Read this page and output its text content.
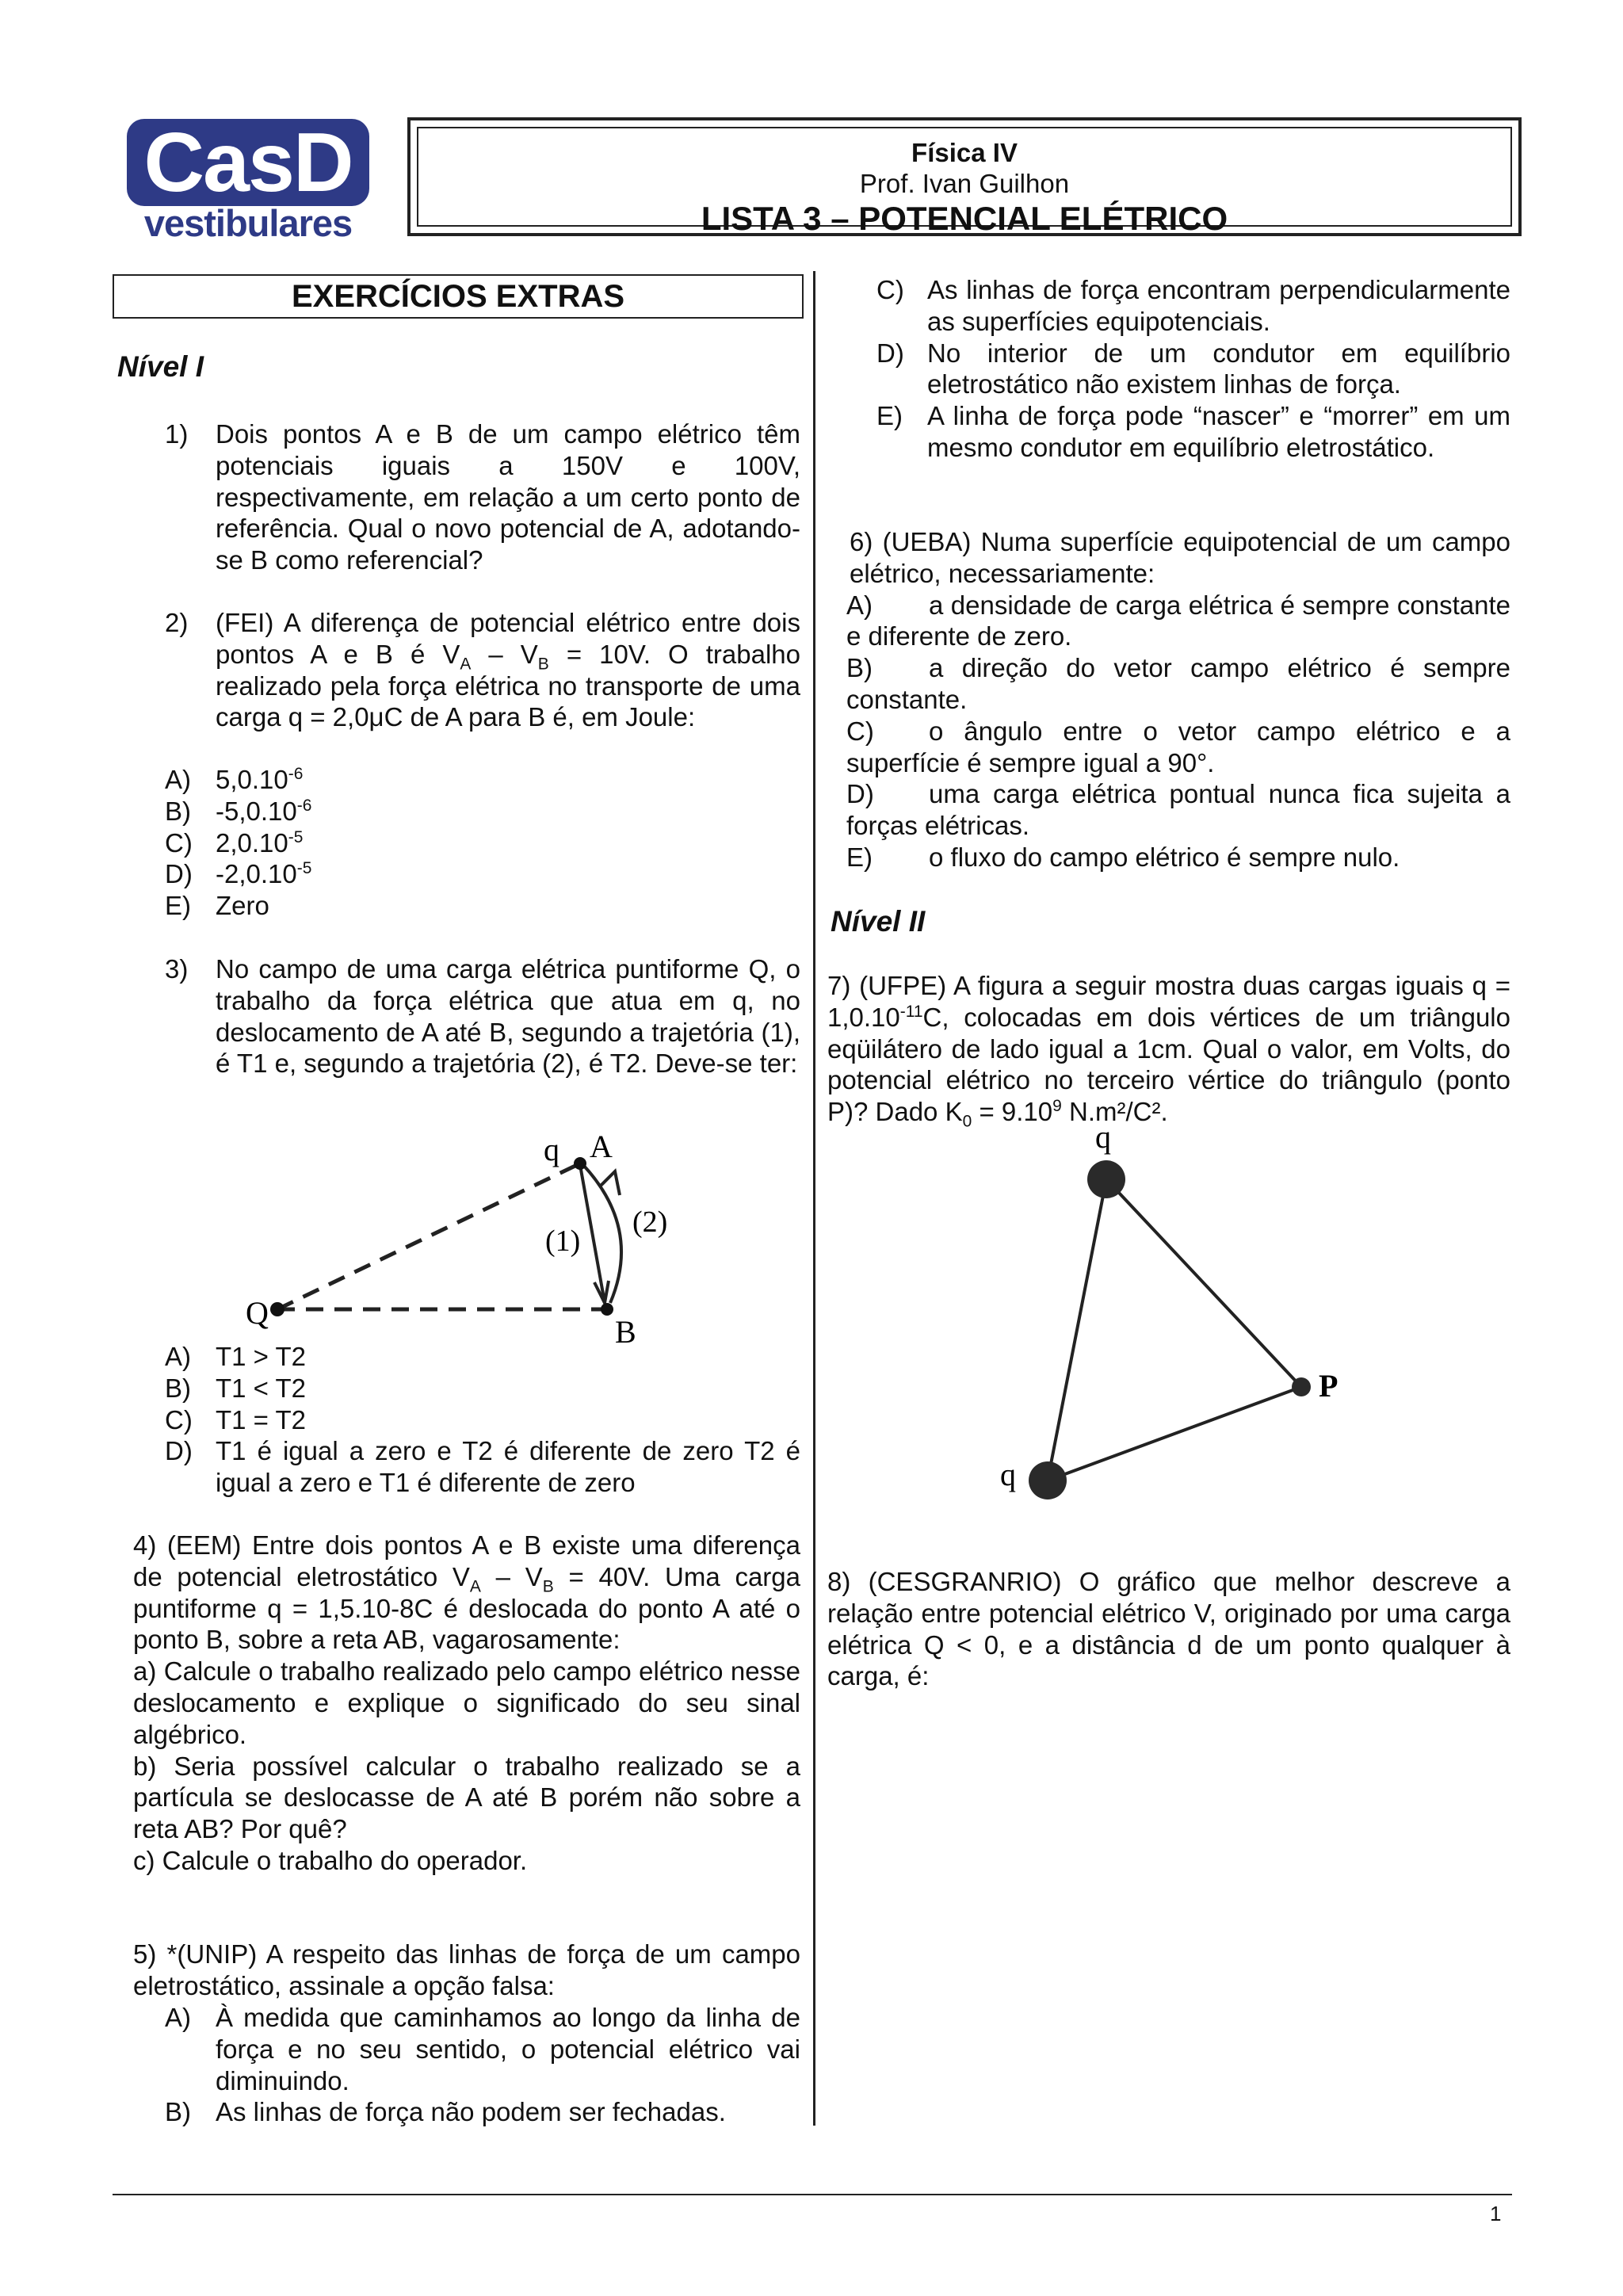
CasD
vestibulares
Física IV
Prof. Ivan Guilhon
LISTA 3 – POTENCIAL ELÉTRICO
EXERCÍCIOS EXTRAS
Nível I
1) Dois pontos A e B de um campo elétrico têm potenciais iguais a 150V e 100V, respectivamente, em relação a um certo ponto de referência. Qual o novo potencial de A, adotando-se B como referencial?
2) (FEI) A diferença de potencial elétrico entre dois pontos A e B é $V_A - V_B = 10V$. O trabalho realizado pela força elétrica no transporte de uma carga q = 2,0μC de A para B é, em Joule:
A) $5,0.10^{-6}$
B) $-5,0.10^{-6}$
C) $2,0.10^{-5}$
D) $-2,0.10^{-5}$
E) Zero
3) No campo de uma carga elétrica puntiforme Q, o trabalho da força elétrica que atua em q, no deslocamento de A até B, segundo a trajetória (1), é T1 e, segundo a trajetória (2), é T2. Deve-se ter:
Q
q A
B
(1)
(2)
A) T1 > T2
B) T1 < T2
C) T1 = T2
D) T1 é igual a zero e T2 é diferente de zero T2 é igual a zero e T1 é diferente de zero
4) (EEM) Entre dois pontos A e B existe uma diferença de potencial eletrostático $V_A - V_B = 40V$. Uma carga puntiforme q = 1,5.10-8C é deslocada do ponto A até o ponto B, sobre a reta AB, vagarosamente:
a) Calcule o trabalho realizado pelo campo elétrico nesse deslocamento e explique o significado do seu sinal algébrico.
b) Seria possível calcular o trabalho realizado se a partícula se deslocasse de A até B porém não sobre a reta AB? Por quê?
c) Calcule o trabalho do operador.
5) *(UNIP) A respeito das linhas de força de um campo eletrostático, assinale a opção falsa:
A) À medida que caminhamos ao longo da linha de força e no seu sentido, o potencial elétrico vai diminuindo.
B) As linhas de força não podem ser fechadas.
C) As linhas de força encontram perpendicularmente as superfícies equipotenciais.
D) No interior de um condutor em equilíbrio eletrostático não existem linhas de força.
E) A linha de força pode “nascer” e “morrer” em um mesmo condutor em equilíbrio eletrostático.
6) (UEBA) Numa superfície equipotencial de um campo elétrico, necessariamente:
A) a densidade de carga elétrica é sempre constante e diferente de zero.
B) a direção do vetor campo elétrico é sempre constante.
C) o ângulo entre o vetor campo elétrico e a superfície é sempre igual a 90°.
D) uma carga elétrica pontual nunca fica sujeita a forças elétricas.
E) o fluxo do campo elétrico é sempre nulo.
Nível II
7) (UFPE) A figura a seguir mostra duas cargas iguais $q = 1,0.10^{-11}C$, colocadas em dois vértices de um triângulo eqüilátero de lado igual a 1cm. Qual o valor, em Volts, do potencial elétrico no terceiro vértice do triângulo (ponto P)? Dado $K_0 = 9.10^9$ N.m²/C².
q
q
P
8) (CESGRANRIO) O gráfico que melhor descreve a relação entre potencial elétrico V, originado por uma carga elétrica Q < 0, e a distância d de um ponto qualquer à carga, é:
1
